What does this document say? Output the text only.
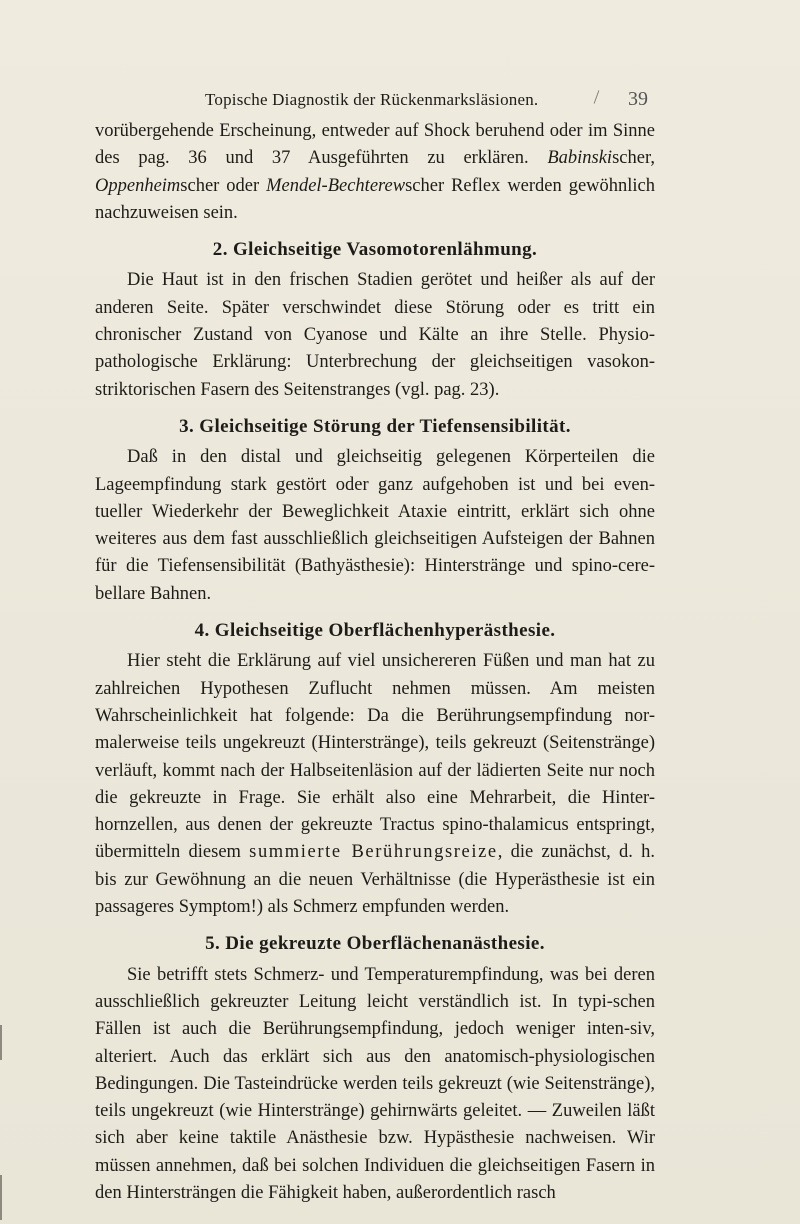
Topische Diagnostik der Rückenmarksläsionen.	39

vorübergehende Erscheinung, entweder auf Shock beruhend oder im Sinne des pag. 36 und 37 Ausgeführten zu erklären. Babinskischer, Oppenheimscher oder Mendel-Bechterewscher Reflex werden gewöhnlich nachzuweisen sein.

2. Gleichseitige Vasomotorenlähmung.

Die Haut ist in den frischen Stadien gerötet und heißer als auf der anderen Seite. Später verschwindet diese Störung oder es tritt ein chronischer Zustand von Cyanose und Kälte an ihre Stelle. Physio-pathologische Erklärung: Unterbrechung der gleichseitigen vasokon-striktorischen Fasern des Seitenstranges (vgl. pag. 23).

3. Gleichseitige Störung der Tiefensensibilität.

Daß in den distal und gleichseitig gelegenen Körperteilen die Lageempfindung stark gestört oder ganz aufgehoben ist und bei even-tueller Wiederkehr der Beweglichkeit Ataxie eintritt, erklärt sich ohne weiteres aus dem fast ausschließlich gleichseitigen Aufsteigen der Bahnen für die Tiefensensibilität (Bathyästhesie): Hinterstränge und spino-cere-bellare Bahnen.

4. Gleichseitige Oberflächenhyperästhesie.

Hier steht die Erklärung auf viel unsichereren Füßen und man hat zu zahlreichen Hypothesen Zuflucht nehmen müssen. Am meisten Wahrscheinlichkeit hat folgende: Da die Berührungsempfindung nor-malerweise teils ungekreuzt (Hinterstränge), teils gekreuzt (Seitenstränge) verläuft, kommt nach der Halbseitenläsion auf der lädierten Seite nur noch die gekreuzte in Frage. Sie erhält also eine Mehrarbeit, die Hinter-hornzellen, aus denen der gekreuzte Tractus spino-thalamicus entspringt, übermitteln diesem summierte Berührungsreize, die zunächst, d. h. bis zur Gewöhnung an die neuen Verhältnisse (die Hyperästhesie ist ein passageres Symptom!) als Schmerz empfunden werden.

5. Die gekreuzte Oberflächenanästhesie.

Sie betrifft stets Schmerz- und Temperaturempfindung, was bei deren ausschließlich gekreuzter Leitung leicht verständlich ist. In typi-schen Fällen ist auch die Berührungsempfindung, jedoch weniger inten-siv, alteriert. Auch das erklärt sich aus den anatomisch-physiologischen Bedingungen. Die Tasteindrücke werden teils gekreuzt (wie Seitenstränge), teils ungekreuzt (wie Hinterstränge) gehirnwärts geleitet. — Zuweilen läßt sich aber keine taktile Anästhesie bzw. Hypästhesie nachweisen. Wir müssen annehmen, daß bei solchen Individuen die gleichseitigen Fasern in den Hintersträngen die Fähigkeit haben, außerordentlich rasch
